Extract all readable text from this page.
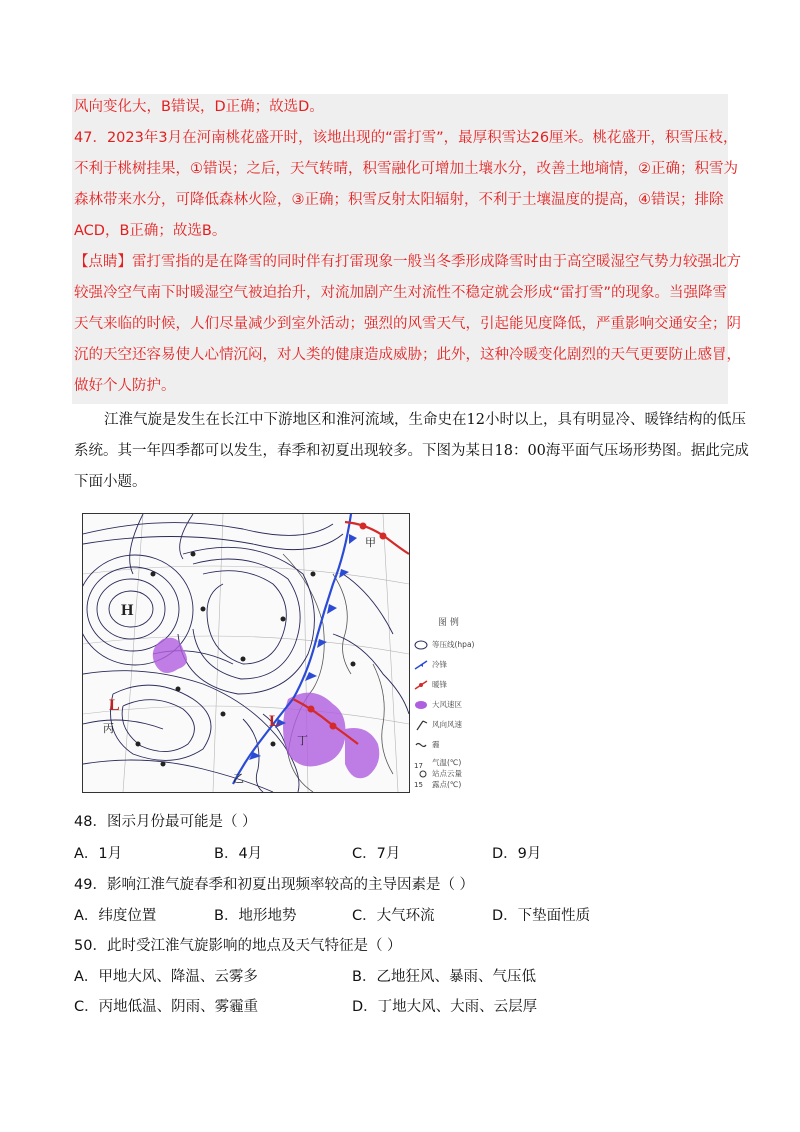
风向变化大，B错误，D正确；故选D。
47．2023年3月在河南桃花盛开时，该地出现的“雷打雪”，最厚积雪达26厘米。桃花盛开，积雪压枝，
不利于桃树挂果，①错误；之后，天气转晴，积雪融化可增加土壤水分，改善土地墒情，②正确；积雪为
森林带来水分，可降低森林火险，③正确；积雪反射太阳辐射，不利于土壤温度的提高，④错误；排除
ACD，B正确；故选B。
【点睛】雷打雪指的是在降雪的同时伴有打雷现象一般当冬季形成降雪时由于高空暖湿空气势力较强北方
较强冷空气南下时暖湿空气被迫抬升，对流加剧产生对流性不稳定就会形成“雷打雪”的现象。当强降雪
天气来临的时候，人们尽量减少到室外活动；强烈的风雪天气，引起能见度降低，严重影响交通安全；阴
沉的天空还容易使人心情沉闷，对人类的健康造成威胁；此外，这种冷暖变化剧烈的天气更要防止感冒，
做好个人防护。
江淮气旋是发生在长江中下游地区和淮河流域，生命史在12小时以上，具有明显冷、暖锋结构的低压
系统。其一年四季都可以发生，春季和初夏出现较多。下图为某日18：00海平面气压场形势图。据此完成
下面小题。
H
L
L
甲
乙
丙
丁
图 例
等压线(hpa)
冷锋
暖锋
大风速区
风向风速
霾
17
15
气温(℃)
站点云量
露点(℃)
48．图示月份最可能是（ ）
A．1月	B．4月	C．7月	D．9月
49．影响江淮气旋春季和初夏出现频率较高的主导因素是（ ）
A．纬度位置	B．地形地势	C．大气环流	D．下垫面性质
50．此时受江淮气旋影响的地点及天气特征是（ ）
A．甲地大风、降温、云雾多	B．乙地狂风、暴雨、气压低
C．丙地低温、阴雨、雾霾重	D．丁地大风、大雨、云层厚
